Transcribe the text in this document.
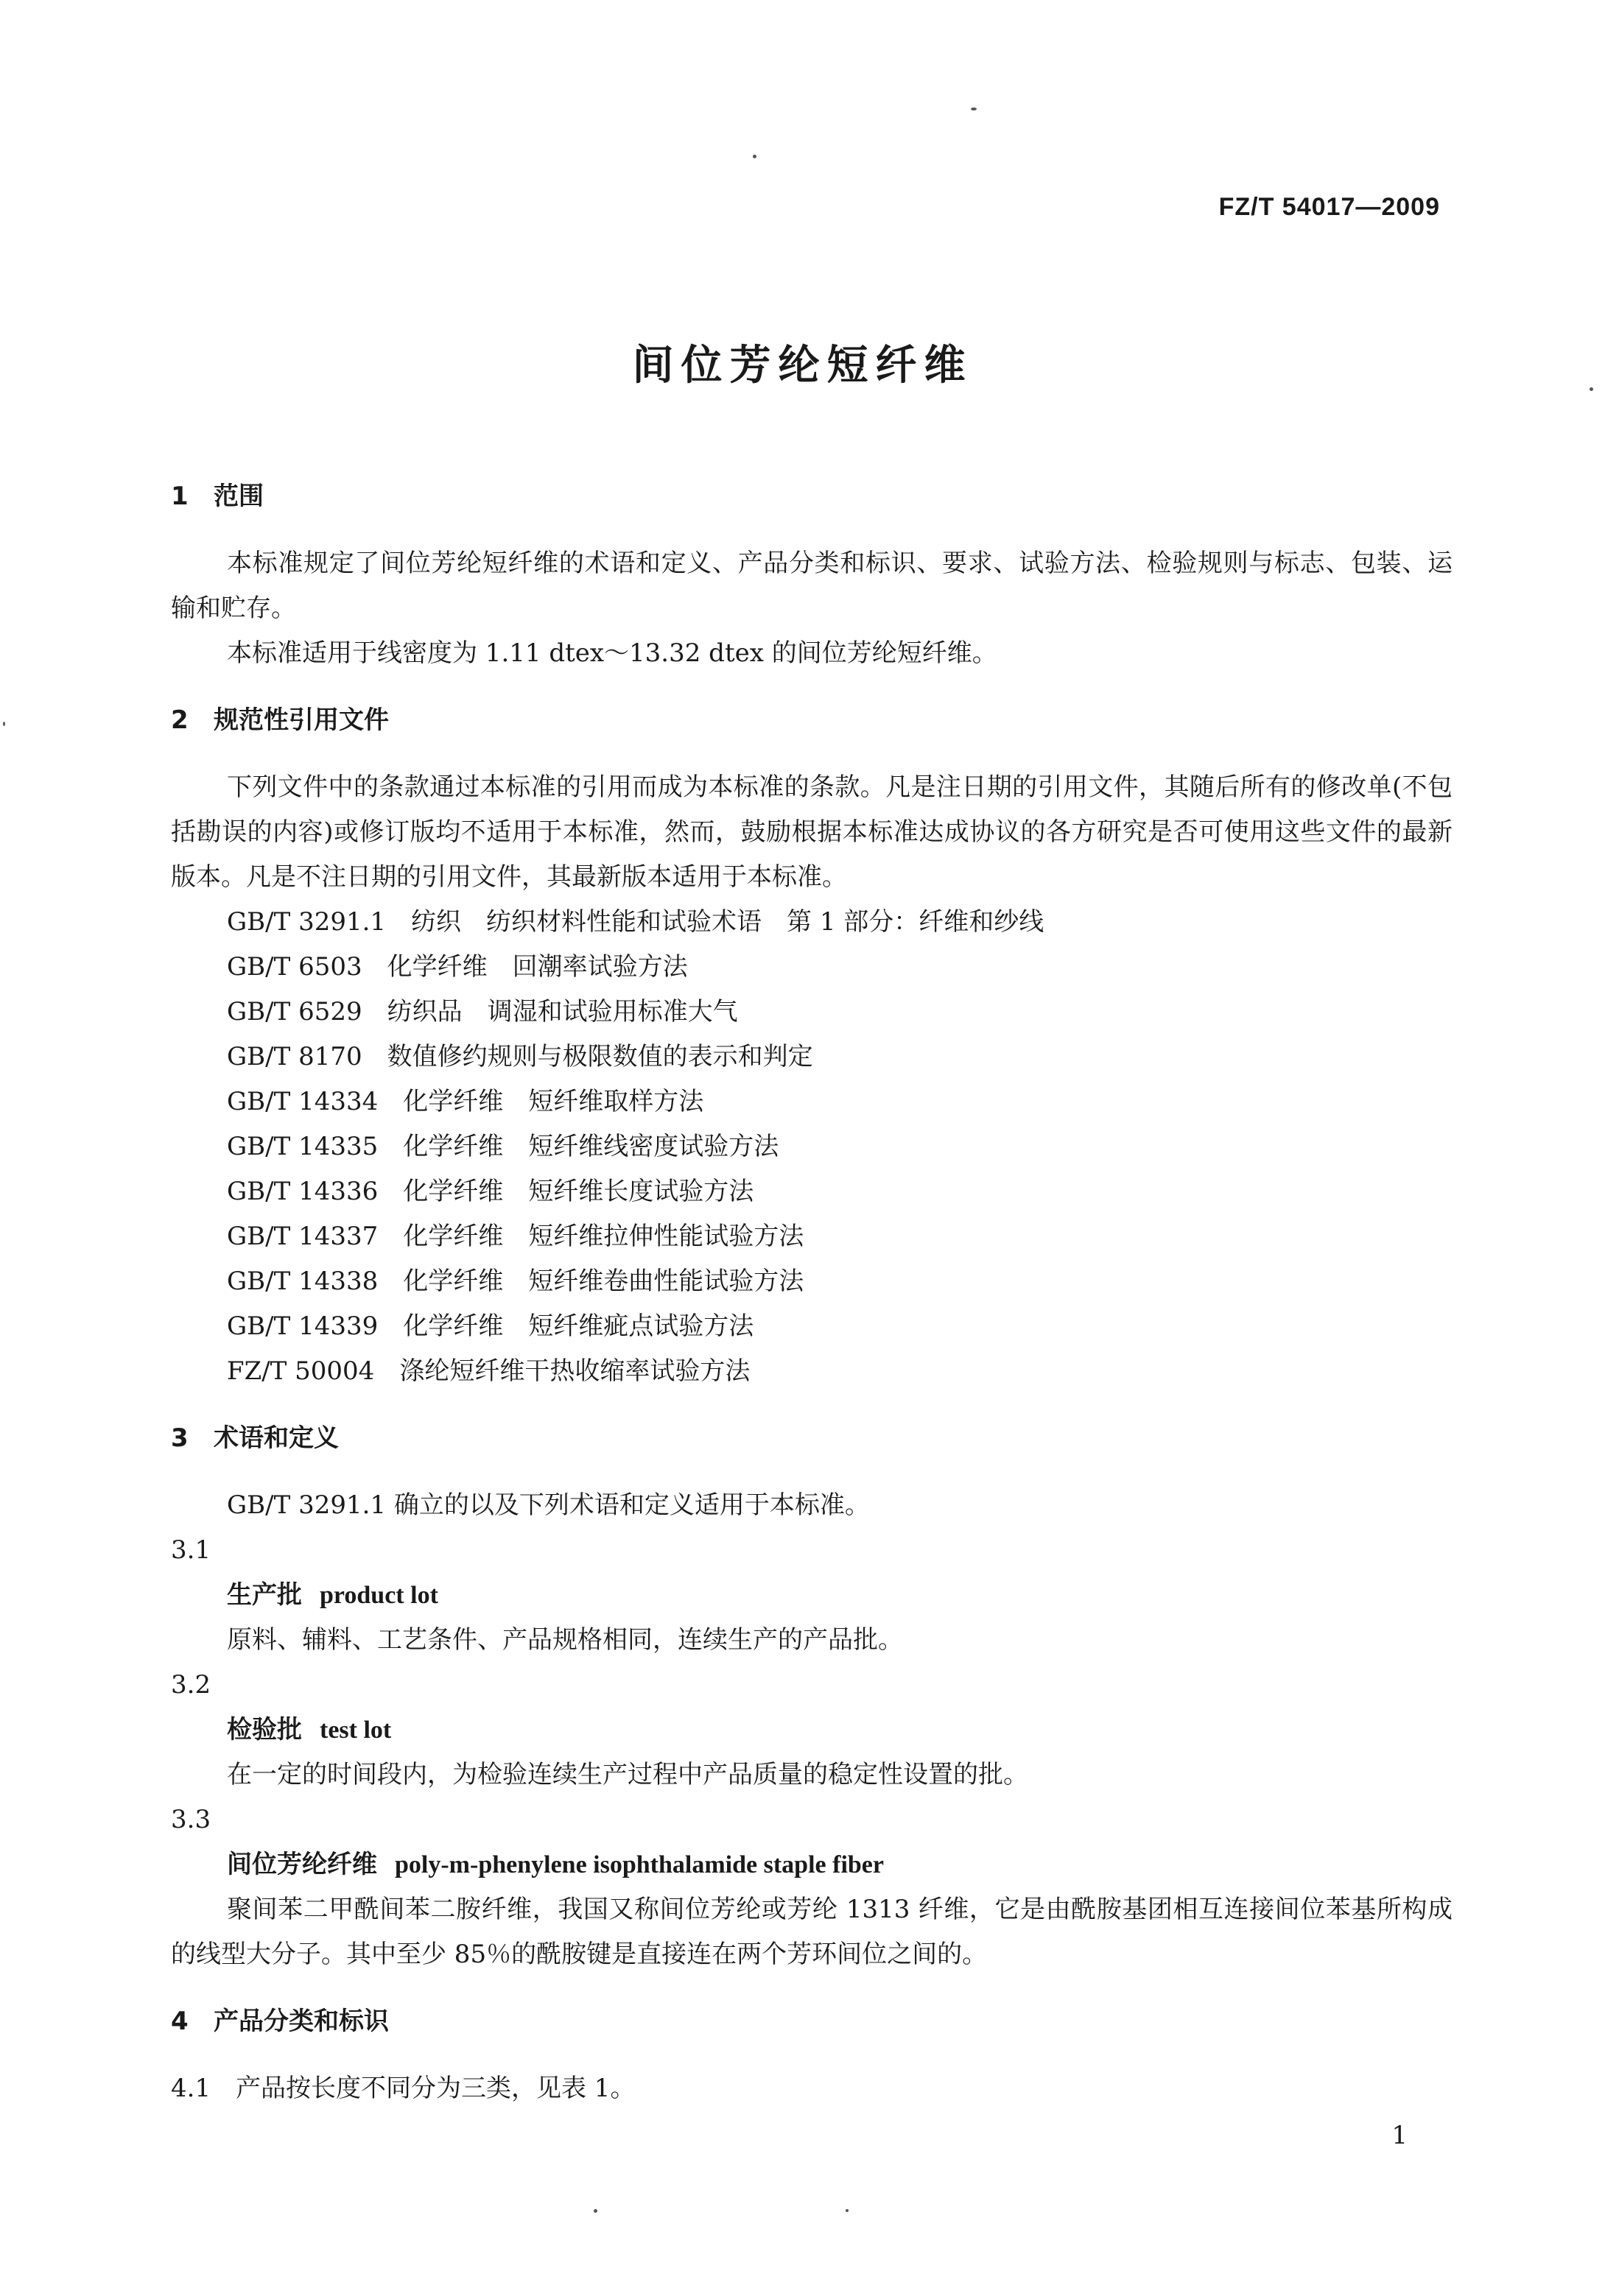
FZ/T 54017—2009
间位芳纶短纤维
1 范围

本标准规定了间位芳纶短纤维的术语和定义、产品分类和标识、要求、试验方法、检验规则与标志、包装、运输和贮存。

本标准适用于线密度为 1.11 dtex～13.32 dtex 的间位芳纶短纤维。

2 规范性引用文件

下列文件中的条款通过本标准的引用而成为本标准的条款。凡是注日期的引用文件，其随后所有的修改单(不包括勘误的内容)或修订版均不适用于本标准，然而，鼓励根据本标准达成协议的各方研究是否可使用这些文件的最新版本。凡是不注日期的引用文件，其最新版本适用于本标准。

GB/T 3291.1　 纺织　纺织材料性能和试验术语　第 1 部分：纤维和纱线
GB/T 6503　 化学纤维　回潮率试验方法
GB/T 6529　 纺织品　调湿和试验用标准大气
GB/T 8170　 数值修约规则与极限数值的表示和判定
GB/T 14334　 化学纤维　短纤维取样方法
GB/T 14335　 化学纤维　短纤维线密度试验方法
GB/T 14336　 化学纤维　短纤维长度试验方法
GB/T 14337　 化学纤维　短纤维拉伸性能试验方法
GB/T 14338　 化学纤维　短纤维卷曲性能试验方法
GB/T 14339　 化学纤维　短纤维疵点试验方法
FZ/T 50004　 涤纶短纤维干热收缩率试验方法
3 术语和定义

GB/T 3291.1 确立的以及下列术语和定义适用于本标准。

3.1

生产批 product lot

原料、辅料、工艺条件、产品规格相同，连续生产的产品批。

3.2

检验批 test lot

在一定的时间段内，为检验连续生产过程中产品质量的稳定性设置的批。

3.3

间位芳纶纤维 poly-m-phenylene isophthalamide staple fiber

聚间苯二甲酰间苯二胺纤维，我国又称间位芳纶或芳纶 1313 纤维，它是由酰胺基团相互连接间位苯基所构成的线型大分子。其中至少 85％的酰胺键是直接连在两个芳环间位之间的。

4 产品分类和标识

4.1 产品按长度不同分为三类，见表 1。

1
